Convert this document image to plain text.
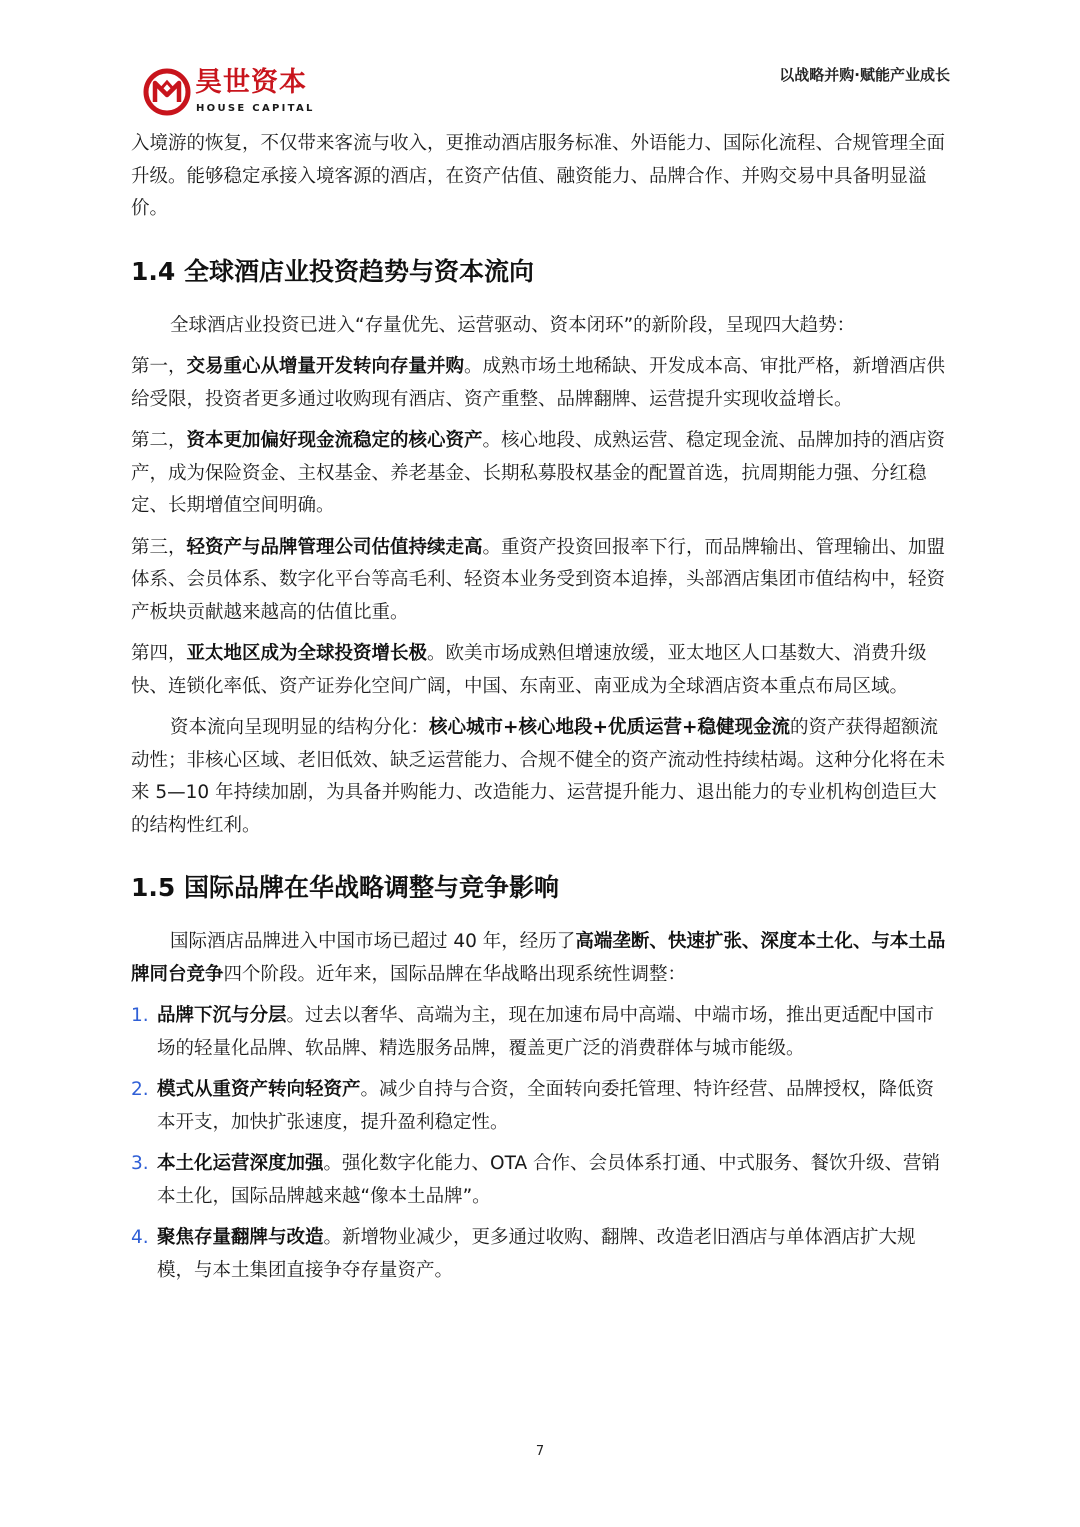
昊世资本
HOUSE CAPITAL
以战略并购·赋能产业成长

入境游的恢复，不仅带来客流与收入，更推动酒店服务标准、外语能力、国际化流程、合规管理全面升级。能够稳定承接入境客源的酒店，在资产估值、融资能力、品牌合作、并购交易中具备明显溢价。

1.4 全球酒店业投资趋势与资本流向

全球酒店业投资已进入“存量优先、运营驱动、资本闭环”的新阶段，呈现四大趋势：

第一，交易重心从增量开发转向存量并购。成熟市场土地稀缺、开发成本高、审批严格，新增酒店供给受限，投资者更多通过收购现有酒店、资产重整、品牌翻牌、运营提升实现收益增长。

第二，资本更加偏好现金流稳定的核心资产。核心地段、成熟运营、稳定现金流、品牌加持的酒店资产，成为保险资金、主权基金、养老基金、长期私募股权基金的配置首选，抗周期能力强、分红稳定、长期增值空间明确。

第三，轻资产与品牌管理公司估值持续走高。重资产投资回报率下行，而品牌输出、管理输出、加盟体系、会员体系、数字化平台等高毛利、轻资本业务受到资本追捧，头部酒店集团市值结构中，轻资产板块贡献越来越高的估值比重。

第四，亚太地区成为全球投资增长极。欧美市场成熟但增速放缓，亚太地区人口基数大、消费升级快、连锁化率低、资产证券化空间广阔，中国、东南亚、南亚成为全球酒店资本重点布局区域。

资本流向呈现明显的结构分化：核心城市+核心地段+优质运营+稳健现金流的资产获得超额流动性；非核心区域、老旧低效、缺乏运营能力、合规不健全的资产流动性持续枯竭。这种分化将在未来 5—10 年持续加剧，为具备并购能力、改造能力、运营提升能力、退出能力的专业机构创造巨大的结构性红利。

1.5 国际品牌在华战略调整与竞争影响

国际酒店品牌进入中国市场已超过 40 年，经历了高端垄断、快速扩张、深度本土化、与本土品牌同台竞争四个阶段。近年来，国际品牌在华战略出现系统性调整：

1. 品牌下沉与分层。过去以奢华、高端为主，现在加速布局中高端、中端市场，推出更适配中国市场的轻量化品牌、软品牌、精选服务品牌，覆盖更广泛的消费群体与城市能级。
2. 模式从重资产转向轻资产。减少自持与合资，全面转向委托管理、特许经营、品牌授权，降低资本开支，加快扩张速度，提升盈利稳定性。
3. 本土化运营深度加强。强化数字化能力、OTA 合作、会员体系打通、中式服务、餐饮升级、营销本土化，国际品牌越来越“像本土品牌”。
4. 聚焦存量翻牌与改造。新增物业减少，更多通过收购、翻牌、改造老旧酒店与单体酒店扩大规模，与本土集团直接争夺存量资产。
7
